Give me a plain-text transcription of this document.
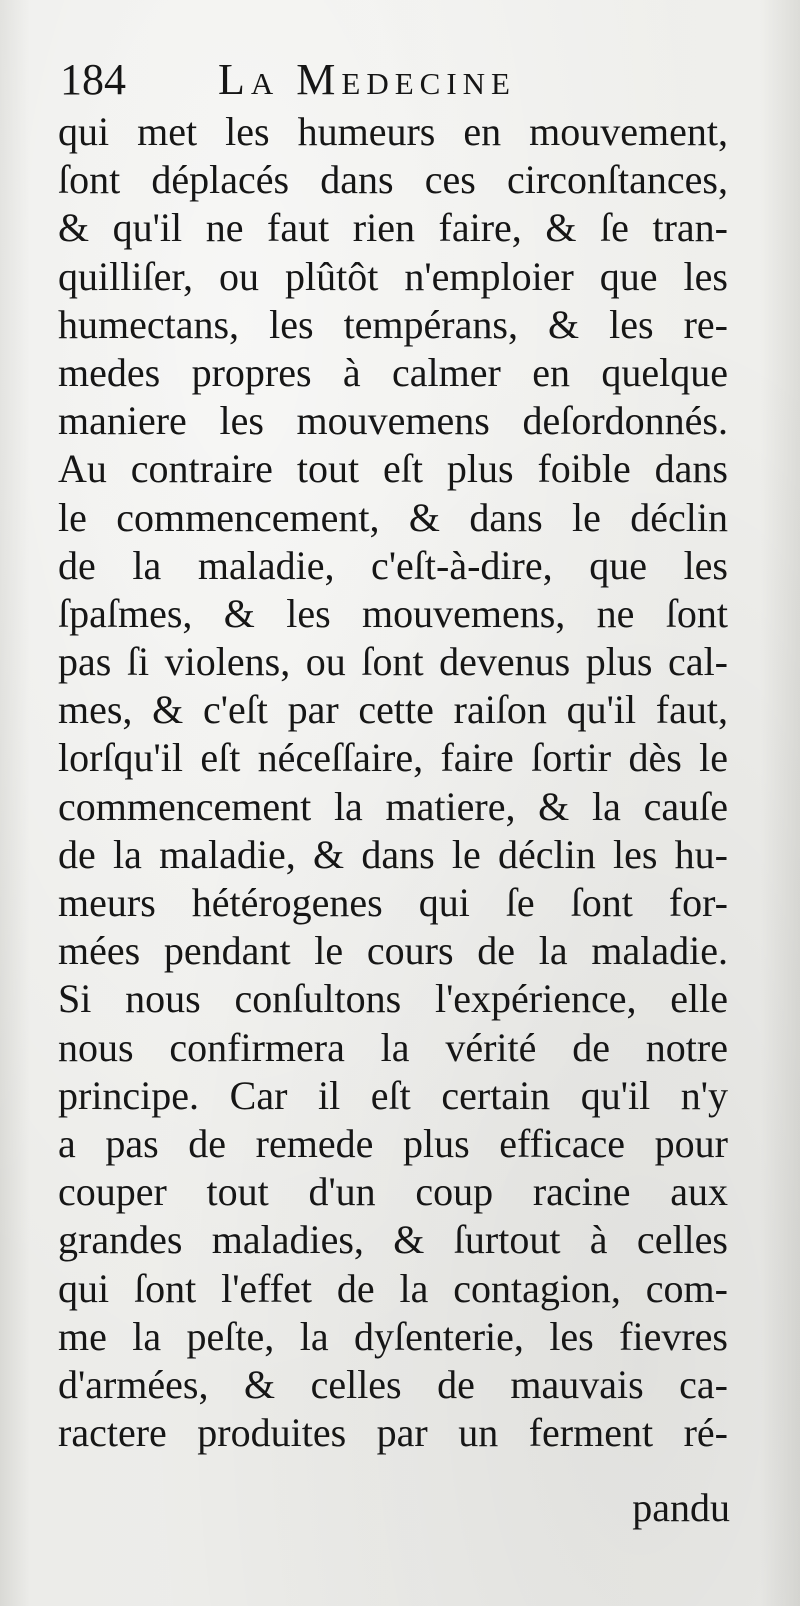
184 La Medecine
qui met les humeurs en mouvement,
ſont déplacés dans ces circonſtances,
& qu'il ne faut rien faire, & ſe tran-
quilliſer, ou plûtôt n'emploier que les
humectans, les tempérans, & les re-
medes propres à calmer en quelque
maniere les mouvemens deſordonnés.
Au contraire tout eſt plus foible dans
le commencement, & dans le déclin
de la maladie, c'eſt-à-dire, que les
ſpaſmes, & les mouvemens, ne ſont
pas ſi violens, ou ſont devenus plus cal-
mes, & c'eſt par cette raiſon qu'il faut,
lorſqu'il eſt néceſſaire, faire ſortir dès le
commencement la matiere, & la cauſe
de la maladie, & dans le déclin les hu-
meurs hétérogenes qui ſe ſont for-
mées pendant le cours de la maladie.
Si nous conſultons l'expérience, elle
nous confirmera la vérité de notre
principe. Car il eſt certain qu'il n'y
a pas de remede plus efficace pour
couper tout d'un coup racine aux
grandes maladies, & ſurtout à celles
qui ſont l'effet de la contagion, com-
me la peſte, la dyſenterie, les fievres
d'armées, & celles de mauvais ca-
ractere produites par un ferment ré-
pandu
